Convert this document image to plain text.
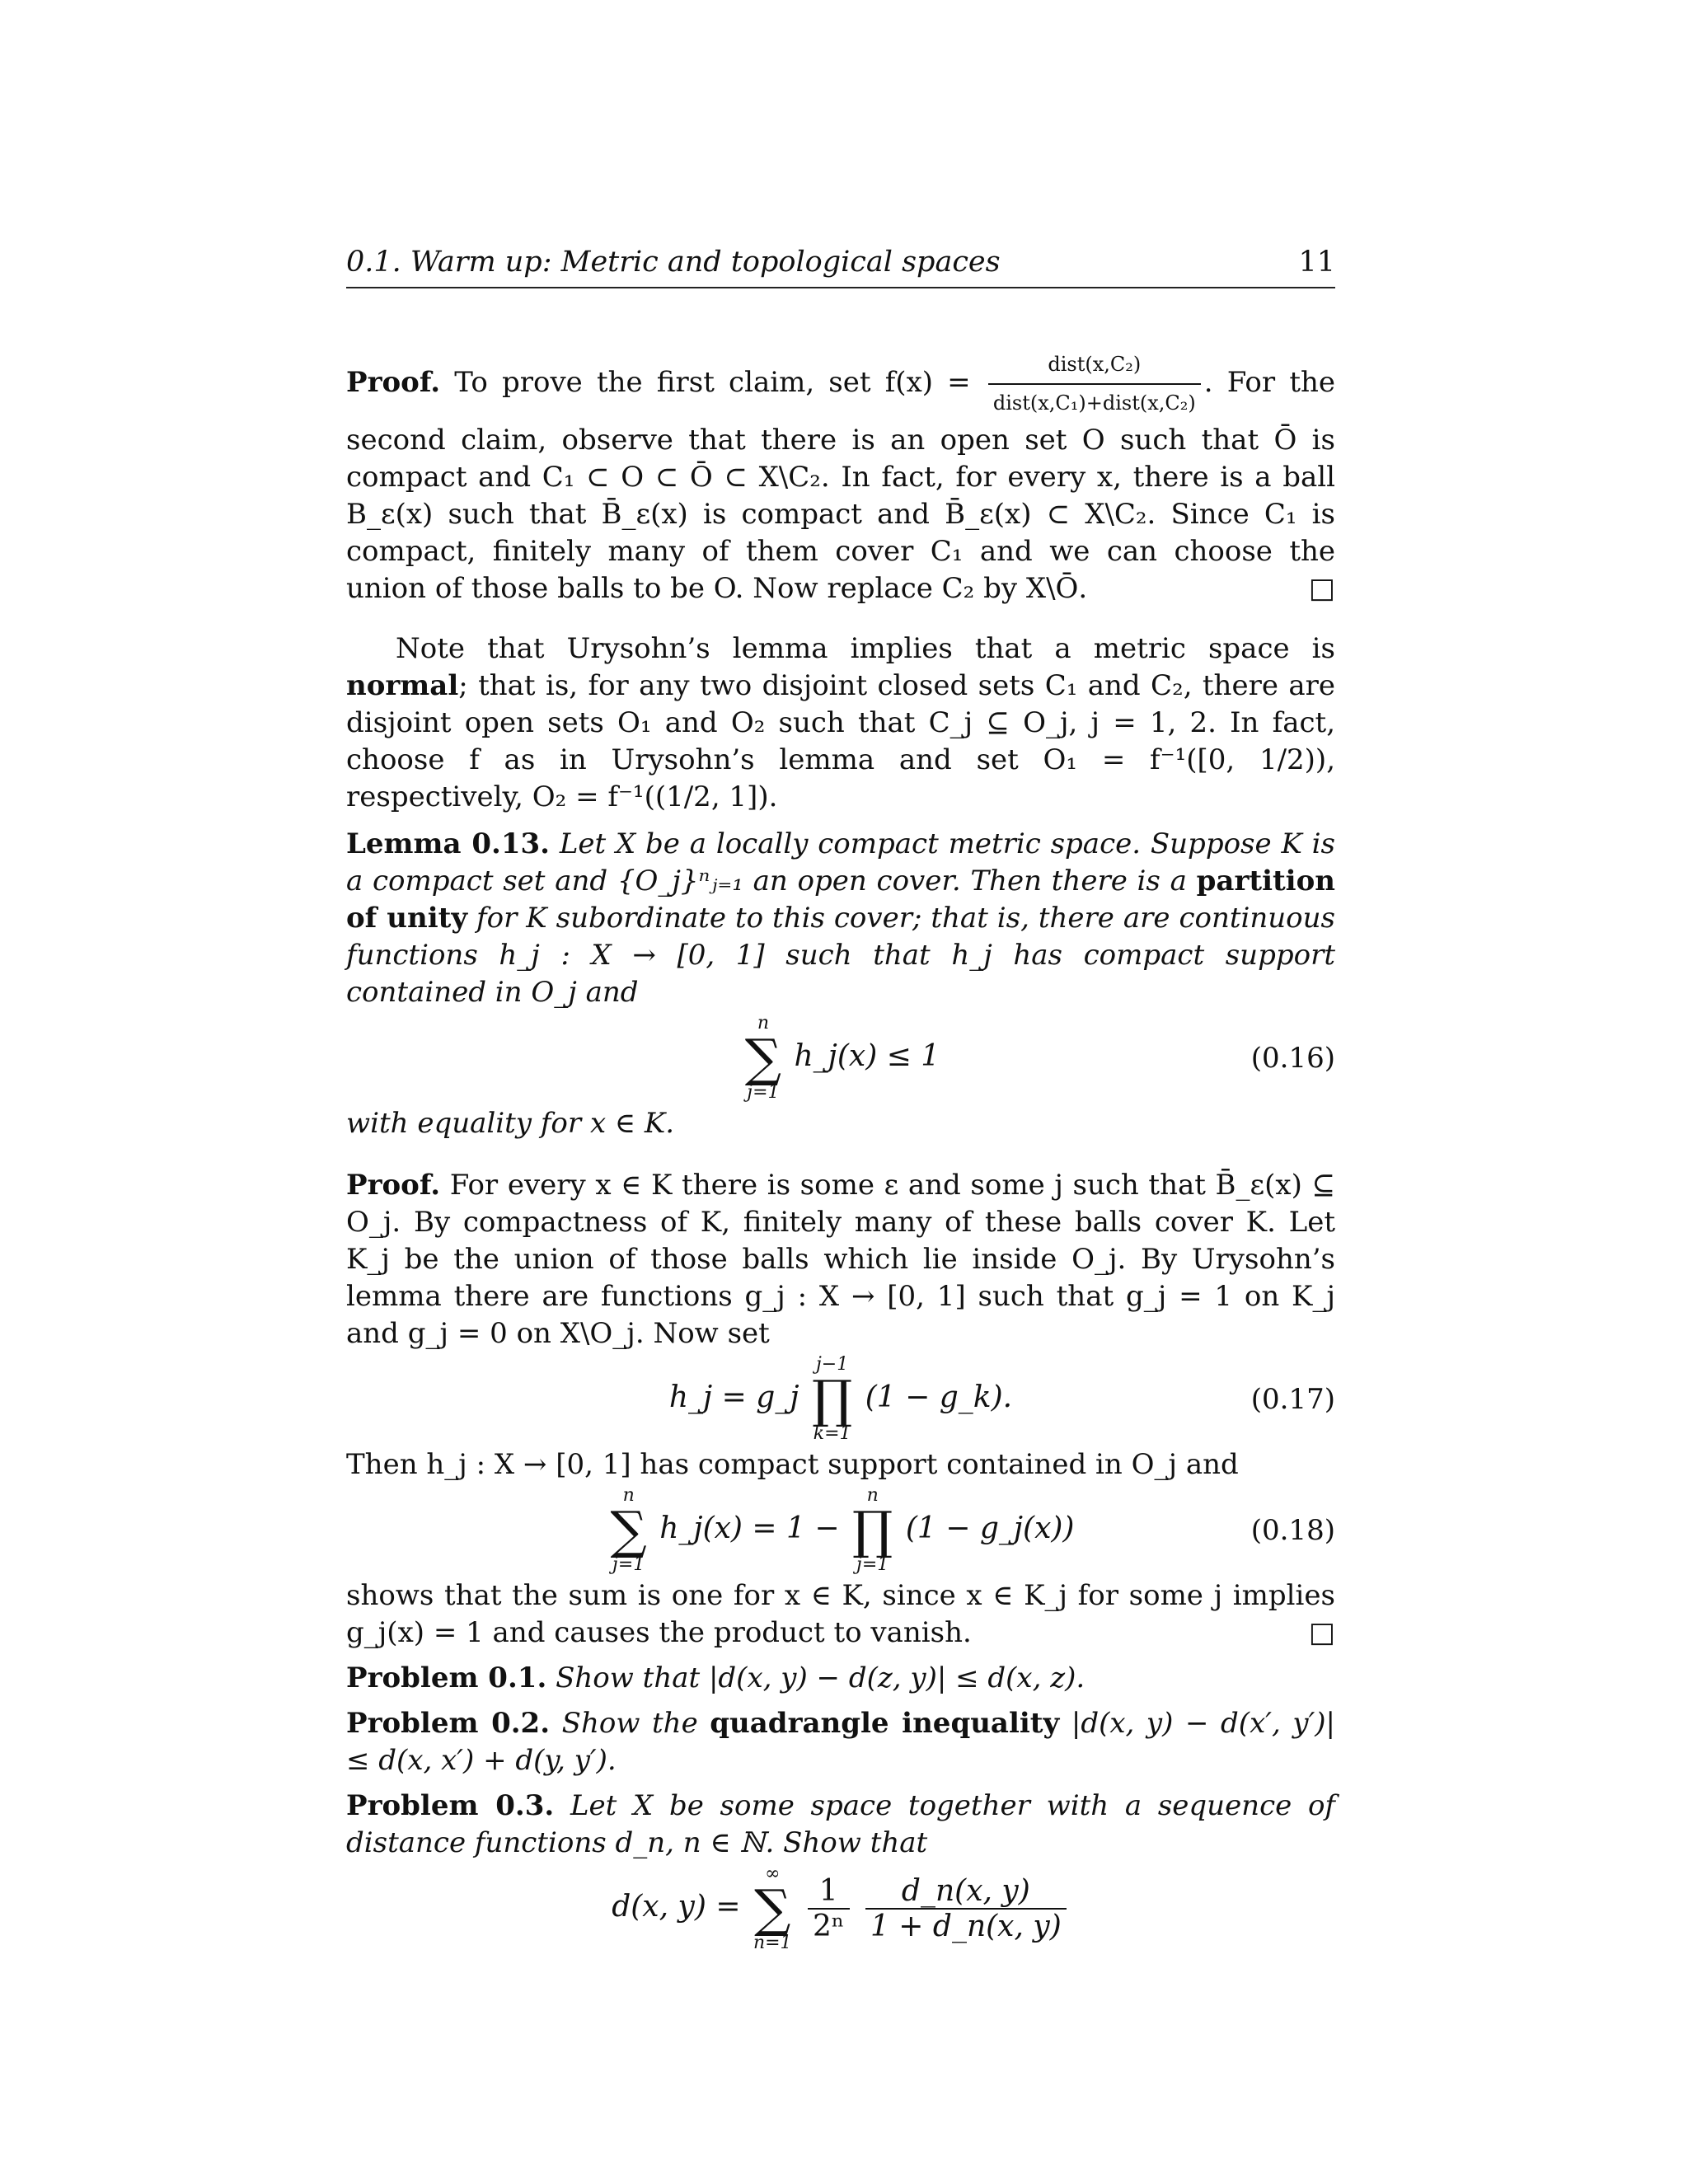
0.1. Warm up: Metric and topological spaces	11
Proof. To prove the first claim, set $f(x) = \frac{\text{dist(x,C₂)}}{\text{dist(x,C₁)+dist(x,C₂)}}$ . For the second claim, observe that there is an open set O such that Ō is compact and C₁ ⊂ O ⊂ Ō ⊂ X\C₂. In fact, for every x, there is a ball B_ε(x) such that B̄_ε(x) is compact and B̄_ε(x) ⊂ X\C₂. Since C₁ is compact, finitely many of them cover C₁ and we can choose the union of those balls to be O. Now replace C₂ by X\Ō.	□
Note that Urysohn’s lemma implies that a metric space is normal; that is, for any two disjoint closed sets C₁ and C₂, there are disjoint open sets O₁ and O₂ such that C_j ⊆ O_j, j = 1, 2. In fact, choose f as in Urysohn’s lemma and set O₁ = f⁻¹([0, 1/2)), respectively, O₂ = f⁻¹((1/2, 1]).
Lemma 0.13. Let X be a locally compact metric space. Suppose K is a compact set and {O_j}ⁿⱼ₌₁ an open cover. Then there is a partition of unity for K subordinate to this cover; that is, there are continuous functions h_j : X → [0, 1] such that h_j has compact support contained in O_j and
n
∑
j=1
h_j(x) ≤ 1	(0.16)
with equality for x ∈ K.
Proof. For every x ∈ K there is some ε and some j such that B̄_ε(x) ⊆ O_j. By compactness of K, finitely many of these balls cover K. Let K_j be the union of those balls which lie inside O_j. By Urysohn’s lemma there are functions g_j : X → [0, 1] such that g_j = 1 on K_j and g_j = 0 on X\O_j. Now set
h_j = g_j
j−1
∏
k=1
(1 − g_k).	(0.17)
Then h_j : X → [0, 1] has compact support contained in O_j and
n
∑
j=1
h_j(x) = 1 −
n
∏
j=1
(1 − g_j(x))	(0.18)
shows that the sum is one for x ∈ K, since x ∈ K_j for some j implies g_j(x) = 1 and causes the product to vanish.	□
Problem 0.1. Show that |d(x, y) − d(z, y)| ≤ d(x, z).
Problem 0.2. Show the quadrangle inequality |d(x, y) − d(x′, y′)| ≤ d(x, x′) + d(y, y′).
Problem 0.3. Let X be some space together with a sequence of distance functions d_n, n ∈ ℕ. Show that
d(x, y) =
∞
∑
n=1
$\frac{1}{\text{2ⁿ}}$
$\frac{d\_n(x, y)}{1 + d\_n(x, y)}$
